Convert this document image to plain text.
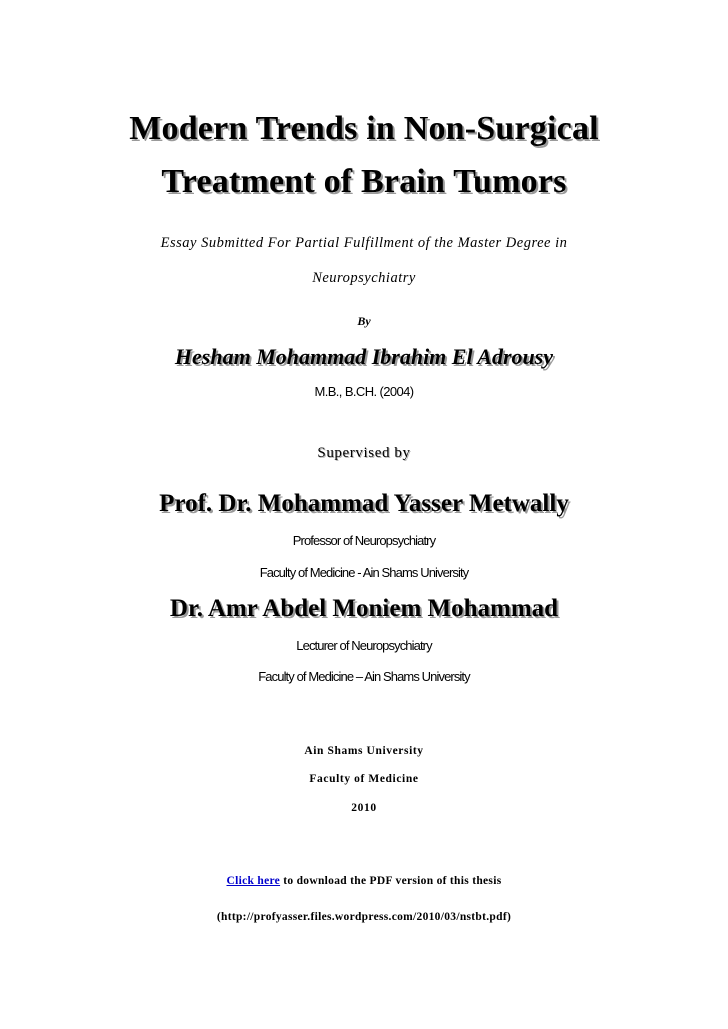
Modern Trends in Non-Surgical
Treatment of Brain Tumors
Essay Submitted For Partial Fulfillment of the Master Degree in
Neuropsychiatry
By
Hesham Mohammad Ibrahim El Adrousy
M.B., B.CH. (2004)
Supervised by
Prof. Dr. Mohammad Yasser Metwally
Professor of Neuropsychiatry
Faculty of Medicine - Ain Shams University
Dr. Amr Abdel Moniem Mohammad
Lecturer of Neuropsychiatry
Faculty of Medicine – Ain Shams University
Ain Shams University
Faculty of Medicine
2010
Click here to download the PDF version of this thesis
(http://profyasser.files.wordpress.com/2010/03/nstbt.pdf)
